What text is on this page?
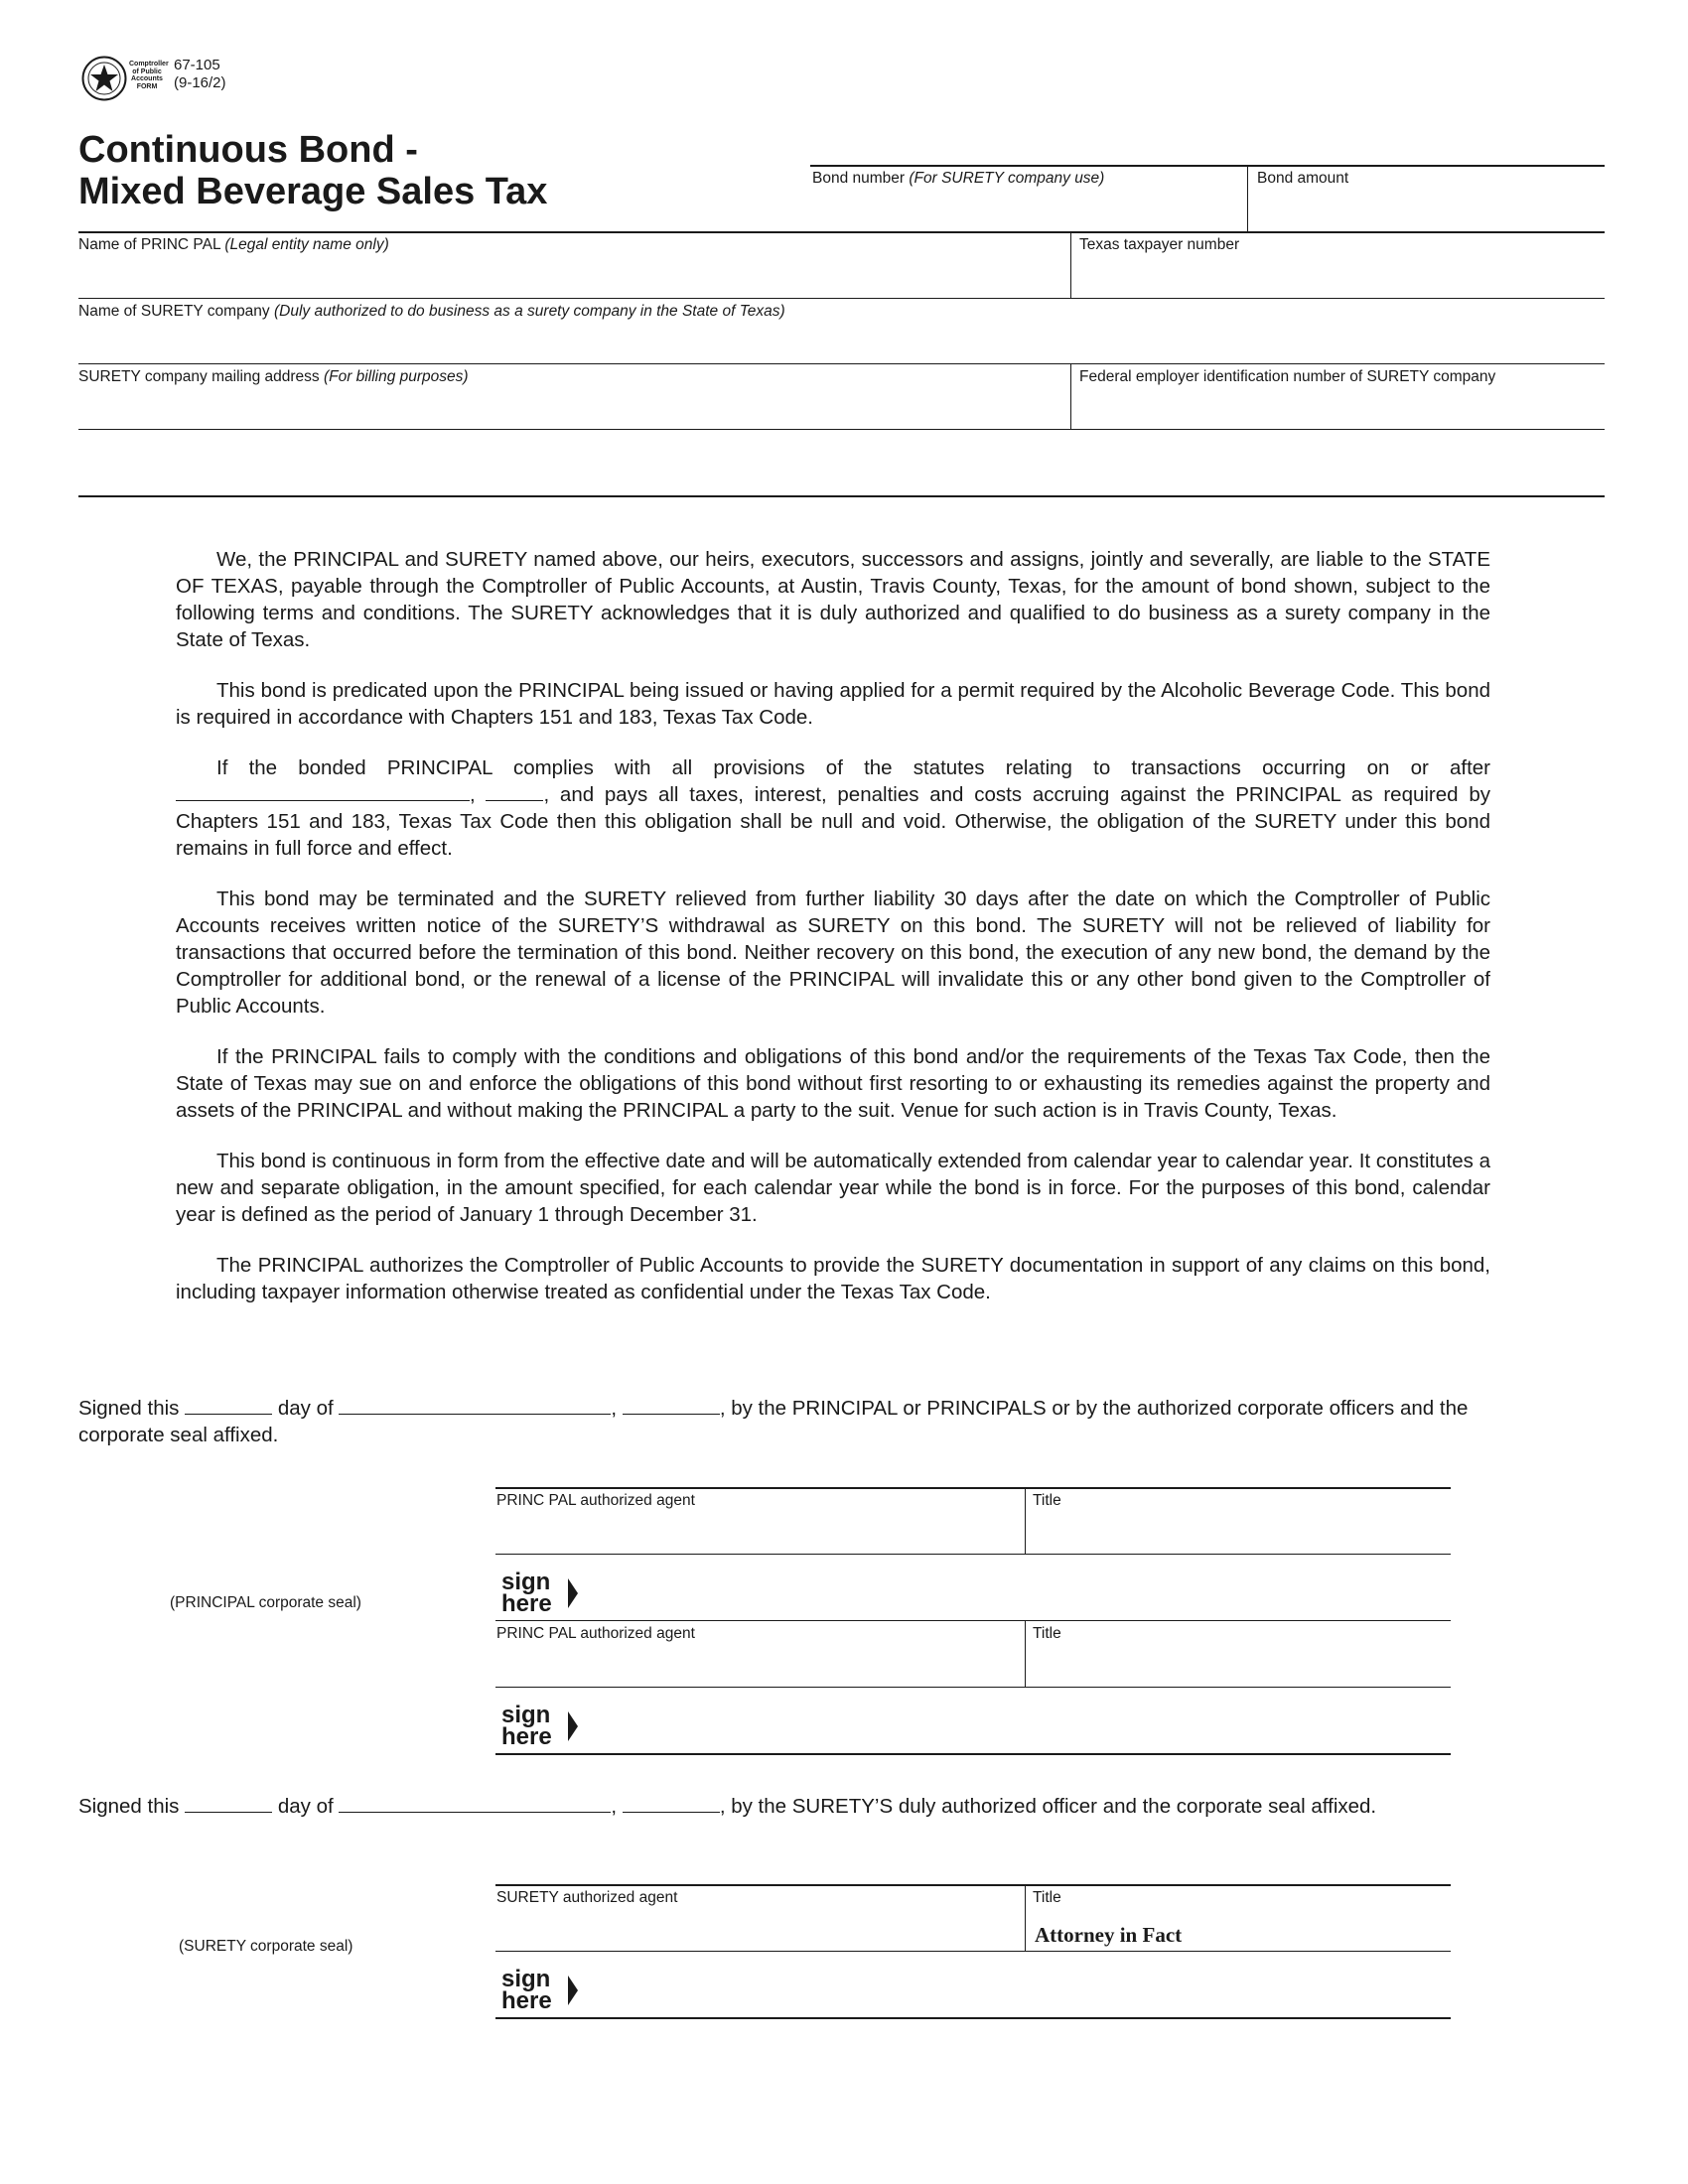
Comptroller of Public Accounts FORM
67-105
(9-16/2)
Continuous Bond -
Mixed Beverage Sales Tax	Bond number (For SURETY company use)	Bond amount
Name of PRINC PAL (Legal entity name only)	Texas taxpayer number
Name of SURETY company (Duly authorized to do business as a surety company in the State of Texas)
SURETY company mailing address (For billing purposes)	Federal employer identification number of SURETY company

We, the PRINCIPAL and SURETY named above, our heirs, executors, successors and assigns, jointly and severally, are liable to the STATE OF TEXAS, payable through the Comptroller of Public Accounts, at Austin, Travis County, Texas, for the amount of bond shown, subject to the following terms and conditions. The SURETY acknowledges that it is duly authorized and qualified to do business as a surety company in the State of Texas.

This bond is predicated upon the PRINCIPAL being issued or having applied for a permit required by the Alcoholic Beverage Code. This bond is required in accordance with Chapters 151 and 183, Texas Tax Code.

If the bonded PRINCIPAL complies with all provisions of the statutes relating to transactions occurring on or after ,	, and pays all taxes, interest, penalties and costs accruing against the PRINCIPAL as required by Chapters 151 and 183, Texas Tax Code then this obligation shall be null and void. Otherwise, the obligation of the SURETY under this bond remains in full force and effect.

This bond may be terminated and the SURETY relieved from further liability 30 days after the date on which the Comptroller of Public Accounts receives written notice of the SURETY’S withdrawal as SURETY on this bond. The SURETY will not be relieved of liability for transactions that occurred before the termination of this bond. Neither recovery on this bond, the execution of any new bond, the demand by the Comptroller for additional bond, or the renewal of a license of the PRINCIPAL will invalidate this or any other bond given to the Comptroller of Public Accounts.

If the PRINCIPAL fails to comply with the conditions and obligations of this bond and/or the requirements of the Texas Tax Code, then the State of Texas may sue on and enforce the obligations of this bond without first resorting to or exhausting its remedies against the property and assets of the PRINCIPAL and without making the PRINCIPAL a party to the suit. Venue for such action is in Travis County, Texas.

This bond is continuous in form from the effective date and will be automatically extended from calendar year to calendar year. It constitutes a new and separate obligation, in the amount specified, for each calendar year while the bond is in force. For the purposes of this bond, calendar year is defined as the period of January 1 through December 31.

The PRINCIPAL authorizes the Comptroller of Public Accounts to provide the SURETY documentation in support of any claims on this bond, including taxpayer information otherwise treated as confidential under the Texas Tax Code.

Signed this	day of	,	, by the PRINCIPAL or PRINCIPALS or by the authorized corporate officers and the
corporate seal affixed.
PRINC PAL authorized agent	Title
(PRINCIPAL corporate seal)
sign
here
PRINC PAL authorized agent	Title
sign
here
Signed this	day of	,	, by the SURETY’S duly authorized officer and the corporate seal affixed.
SURETY authorized agent	Title
Attorney in Fact
(SURETY corporate seal)
sign
here
